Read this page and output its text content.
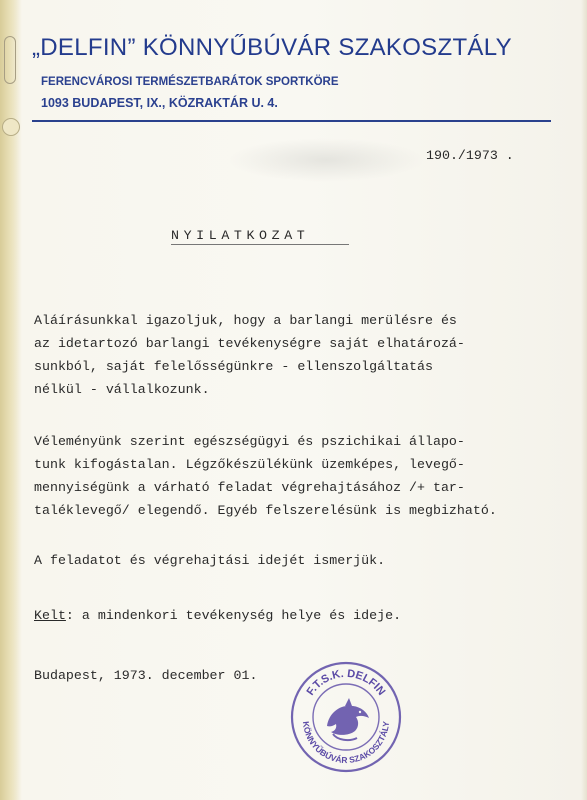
„DELFIN” KÖNNYŰBÚVÁR SZAKOSZTÁLY
FERENCVÁROSI TERMÉSZETBARÁTOK SPORTKÖRE
1093 BUDAPEST, IX., KÖZRAKTÁR U. 4.
190./1973 .
NYILATKOZAT
Aláírásunkkal igazoljuk, hogy a barlangi merülésre és
az idetartozó barlangi tevékenységre saját elhatározá-
sunkból, saját felelősségünkre - ellenszolgáltatás
nélkül - vállalkozunk.
Véleményünk szerint egészségügyi és pszichikai állapo-
tunk kifogástalan. Légzőkészülékünk üzemképes, levegő-
mennyiségünk a várható feladat végrehajtásához /+ tar-
taléklevegő/ elegendő. Egyéb felszerelésünk is megbizható.
A feladatot és végrehajtási idejét ismerjük.
Kelt: a mindenkori tevékenység helye és ideje.
Budapest, 1973. december 01.
F.T.S.K. DELFIN
KÖNNYŰBÚVÁR SZAKOSZTÁLY
